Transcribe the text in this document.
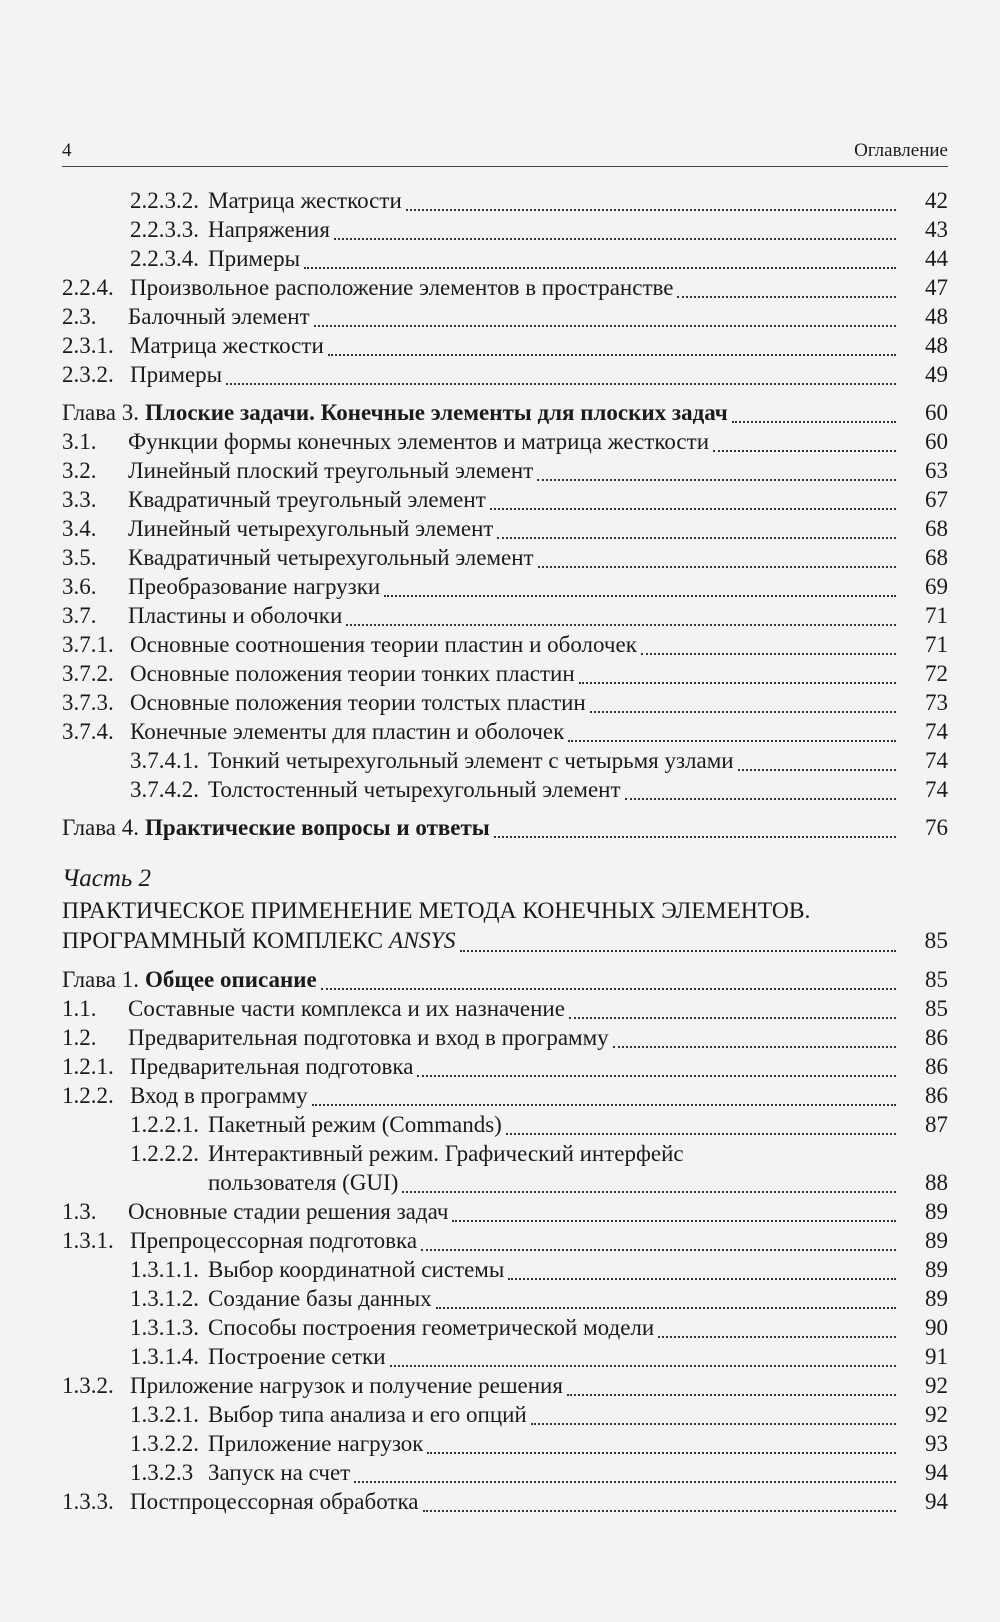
4	Оглавление
2.2.3.2. Матрица жесткости	42
2.2.3.3. Напряжения	43
2.2.3.4. Примеры	44
2.2.4. Произвольное расположение элементов в пространстве	47
2.3.	Балочный элемент	48
2.3.1. Матрица жесткости	48
2.3.2. Примеры	49
Глава 3. Плоские задачи. Конечные элементы для плоских задач	60
3.1.	Функции формы конечных элементов и матрица жесткости	60
3.2.	Линейный плоский треугольный элемент	63
3.3.	Квадратичный треугольный элемент	67
3.4.	Линейный четырехугольный элемент	68
3.5.	Квадратичный четырехугольный элемент	68
3.6.	Преобразование нагрузки	69
3.7.	Пластины и оболочки	71
3.7.1. Основные соотношения теории пластин и оболочек	71
3.7.2. Основные положения теории тонких пластин	72
3.7.3. Основные положения теории толстых пластин	73
3.7.4. Конечные элементы для пластин и оболочек	74
3.7.4.1. Тонкий четырехугольный элемент с четырьмя узлами	74
3.7.4.2. Толстостенный четырехугольный элемент	74
Глава 4. Практические вопросы и ответы	76
Часть 2
ПРАКТИЧЕСКОЕ ПРИМЕНЕНИЕ МЕТОДА КОНЕЧНЫХ ЭЛЕМЕНТОВ.
ПРОГРАММНЫЙ КОМПЛЕКС ANSYS	85
Глава 1. Общее описание	85
1.1.	Составные части комплекса и их назначение	85
1.2.	Предварительная подготовка и вход в программу	86
1.2.1. Предварительная подготовка	86
1.2.2. Вход в программу	86
1.2.2.1. Пакетный режим (Commands)	87
1.2.2.2. Интерактивный режим. Графический интерфейс
пользователя (GUI)	88
1.3.	Основные стадии решения задач	89
1.3.1. Препроцессорная подготовка	89
1.3.1.1. Выбор координатной системы	89
1.3.1.2. Создание базы данных	89
1.3.1.3. Способы построения геометрической модели	90
1.3.1.4. Построение сетки	91
1.3.2. Приложение нагрузок и получение решения	92
1.3.2.1. Выбор типа анализа и его опций	92
1.3.2.2. Приложение нагрузок	93
1.3.2.3 Запуск на счет	94
1.3.3. Постпроцессорная обработка	94
